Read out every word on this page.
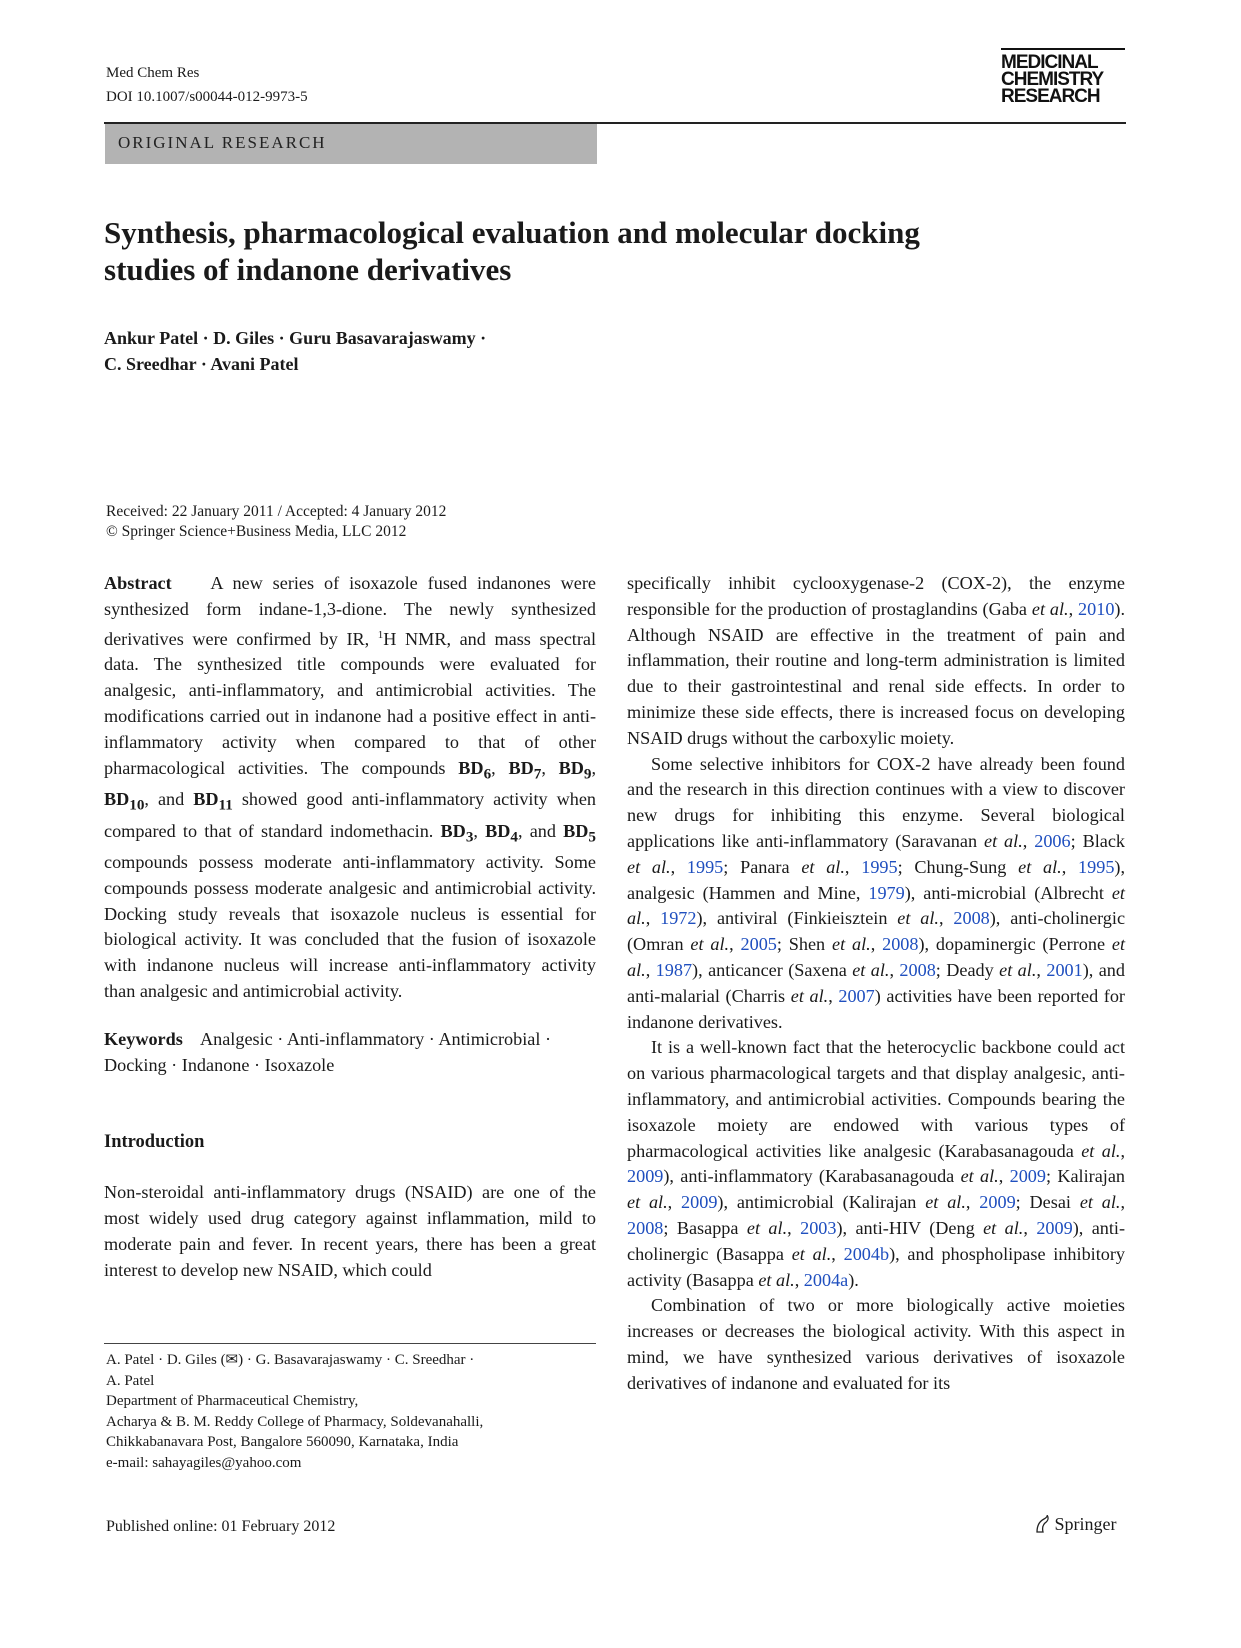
Med Chem Res
DOI 10.1007/s00044-012-9973-5
MEDICINAL
CHEMISTRY
RESEARCH
ORIGINAL RESEARCH
Synthesis, pharmacological evaluation and molecular docking studies of indanone derivatives
Ankur Patel · D. Giles · Guru Basavarajaswamy ·
C. Sreedhar · Avani Patel
Received: 22 January 2011 / Accepted: 4 January 2012
© Springer Science+Business Media, LLC 2012

Abstract A new series of isoxazole fused indanones were synthesized form indane-1,3-dione. The newly synthesized derivatives were confirmed by IR, $^1$H NMR, and mass spectral data. The synthesized title compounds were evaluated for analgesic, anti-inflammatory, and antimicrobial activities. The modifications carried out in indanone had a positive effect in anti-inflammatory activity when compared to that of other pharmacological activities. The compounds $BD_6$, $BD_7$, $BD_9$, $BD_{10}$, and $BD_{11}$ showed good anti-inflammatory activity when compared to that of standard indomethacin. $BD_3$, $BD_4$, and $BD_5$ compounds possess moderate anti-inflammatory activity. Some compounds possess moderate analgesic and antimicrobial activity. Docking study reveals that isoxazole nucleus is essential for biological activity. It was concluded that the fusion of isoxazole with indanone nucleus will increase anti-inflammatory activity than analgesic and antimicrobial activity.

Keywords Analgesic · Anti-inflammatory · Antimicrobial · Docking · Indanone · Isoxazole

Introduction

Non-steroidal anti-inflammatory drugs (NSAID) are one of the most widely used drug category against inflammation, mild to moderate pain and fever. In recent years, there has been a great interest to develop new NSAID, which could

A. Patel · D. Giles (✉) · G. Basavarajaswamy · C. Sreedhar ·
A. Patel
Department of Pharmaceutical Chemistry,
Acharya & B. M. Reddy College of Pharmacy, Soldevanahalli,
Chikkabanavara Post, Bangalore 560090, Karnataka, India
e-mail: sahayagiles@yahoo.com

specifically inhibit cyclooxygenase-2 (COX-2), the enzyme responsible for the production of prostaglandins (Gaba et al., 2010). Although NSAID are effective in the treatment of pain and inflammation, their routine and long-term administration is limited due to their gastrointestinal and renal side effects. In order to minimize these side effects, there is increased focus on developing NSAID drugs without the carboxylic moiety.

Some selective inhibitors for COX-2 have already been found and the research in this direction continues with a view to discover new drugs for inhibiting this enzyme. Several biological applications like anti-inflammatory (Saravanan et al., 2006; Black et al., 1995; Panara et al., 1995; Chung-Sung et al., 1995), analgesic (Hammen and Mine, 1979), anti-microbial (Albrecht et al., 1972), antiviral (Finkieisztein et al., 2008), anti-cholinergic (Omran et al., 2005; Shen et al., 2008), dopaminergic (Perrone et al., 1987), anticancer (Saxena et al., 2008; Deady et al., 2001), and anti-malarial (Charris et al., 2007) activities have been reported for indanone derivatives.

It is a well-known fact that the heterocyclic backbone could act on various pharmacological targets and that display analgesic, anti-inflammatory, and antimicrobial activities. Compounds bearing the isoxazole moiety are endowed with various types of pharmacological activities like analgesic (Karabasanagouda et al., 2009), anti-inflammatory (Karabasanagouda et al., 2009; Kalirajan et al., 2009), antimicrobial (Kalirajan et al., 2009; Desai et al., 2008; Basappa et al., 2003), anti-HIV (Deng et al., 2009), anti-cholinergic (Basappa et al., 2004b), and phospholipase inhibitory activity (Basappa et al., 2004a).

Combination of two or more biologically active moieties increases or decreases the biological activity. With this aspect in mind, we have synthesized various derivatives of isoxazole derivatives of indanone and evaluated for its

Published online: 01 February 2012	Springer
